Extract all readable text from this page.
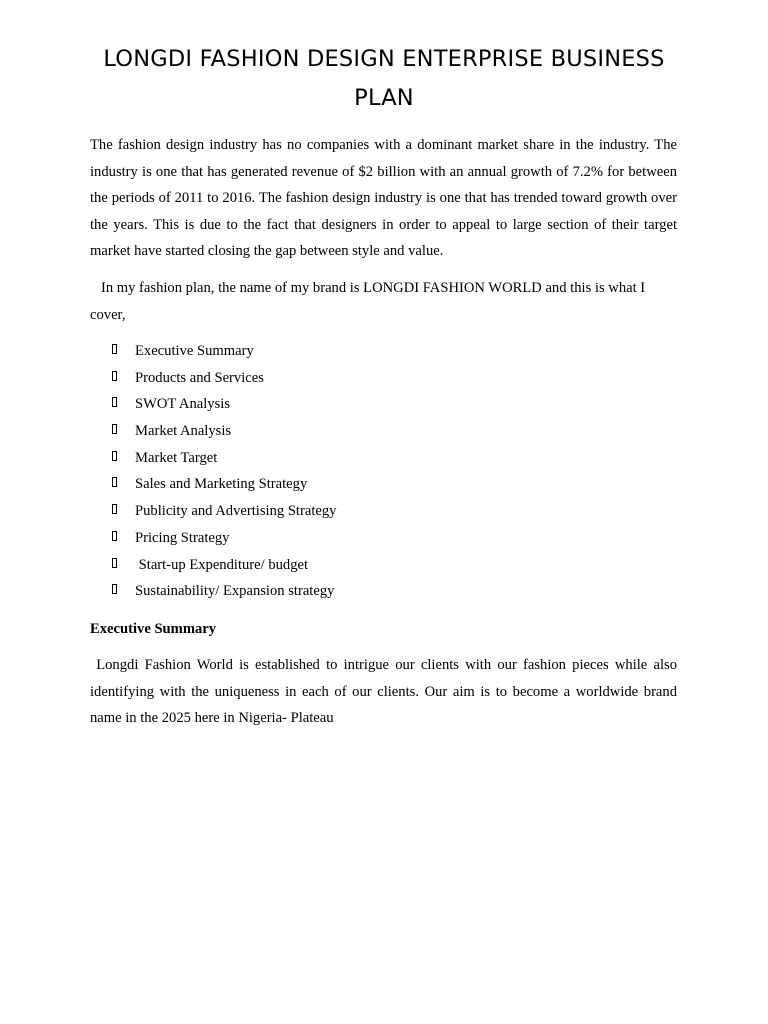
LONGDI FASHION DESIGN ENTERPRISE BUSINESS PLAN

The fashion design industry has no companies with a dominant market share in the industry. The industry is one that has generated revenue of $2 billion with an annual growth of 7.2% for between the periods of 2011 to 2016. The fashion design industry is one that has trended toward growth over the years. This is due to the fact that designers in order to appeal to large section of their target market have started closing the gap between style and value.

In my fashion plan, the name of my brand is LONGDI FASHION WORLD and this is what I cover,

Executive Summary
Products and Services
SWOT Analysis
Market Analysis
Market Target
Sales and Marketing Strategy
Publicity and Advertising Strategy
Pricing Strategy
Start-up Expenditure/ budget
Sustainability/ Expansion strategy
Executive Summary

Longdi Fashion World is established to intrigue our clients with our fashion pieces while also identifying with the uniqueness in each of our clients. Our aim is to become a worldwide brand name in the 2025 here in Nigeria- Plateau
